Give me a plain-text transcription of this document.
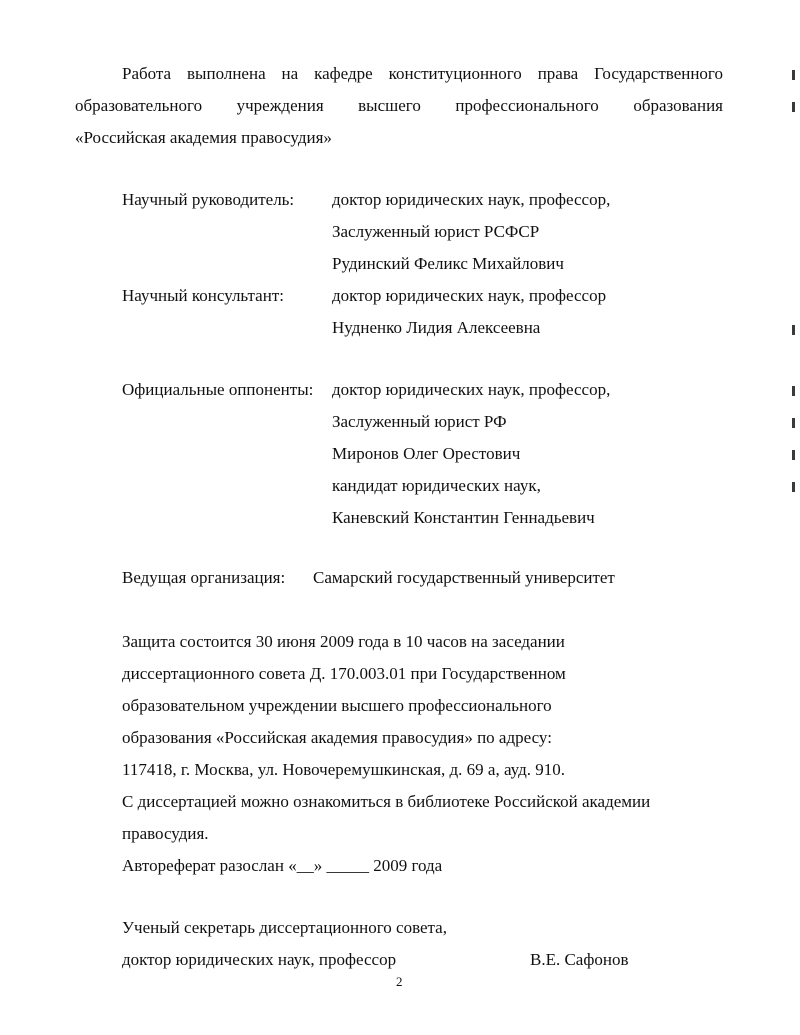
Работа выполнена на кафедре конституционного права Государственного
образовательного учреждения высшего профессионального образования
«Российская академия правосудия»
Научный руководитель: доктор юридических наук, профессор,
Заслуженный юрист РСФСР
Рудинский Феликс Михайлович
Научный консультант:	доктор юридических наук, профессор
Нудненко Лидия Алексеевна
Официальные оппоненты: доктор юридических наук, профессор,
Заслуженный юрист РФ
Миронов Олег Орестович
кандидат юридических наук,
Каневский Константин Геннадьевич
Ведущая организация: Самарский государственный университет
Защита состоится 30 июня 2009 года в 10 часов на заседании
диссертационного совета Д. 170.003.01 при Государственном
образовательном учреждении высшего профессионального
образования «Российская академия правосудия» по адресу:
117418, г. Москва, ул. Новочеремушкинская, д. 69 а, ауд. 910.
С диссертацией можно ознакомиться в библиотеке Российской академии
правосудия.
Автореферат разослан «__» _____ 2009 года
Ученый секретарь диссертационного совета,
доктор юридических наук, профессор	В.Е. Сафонов
2
